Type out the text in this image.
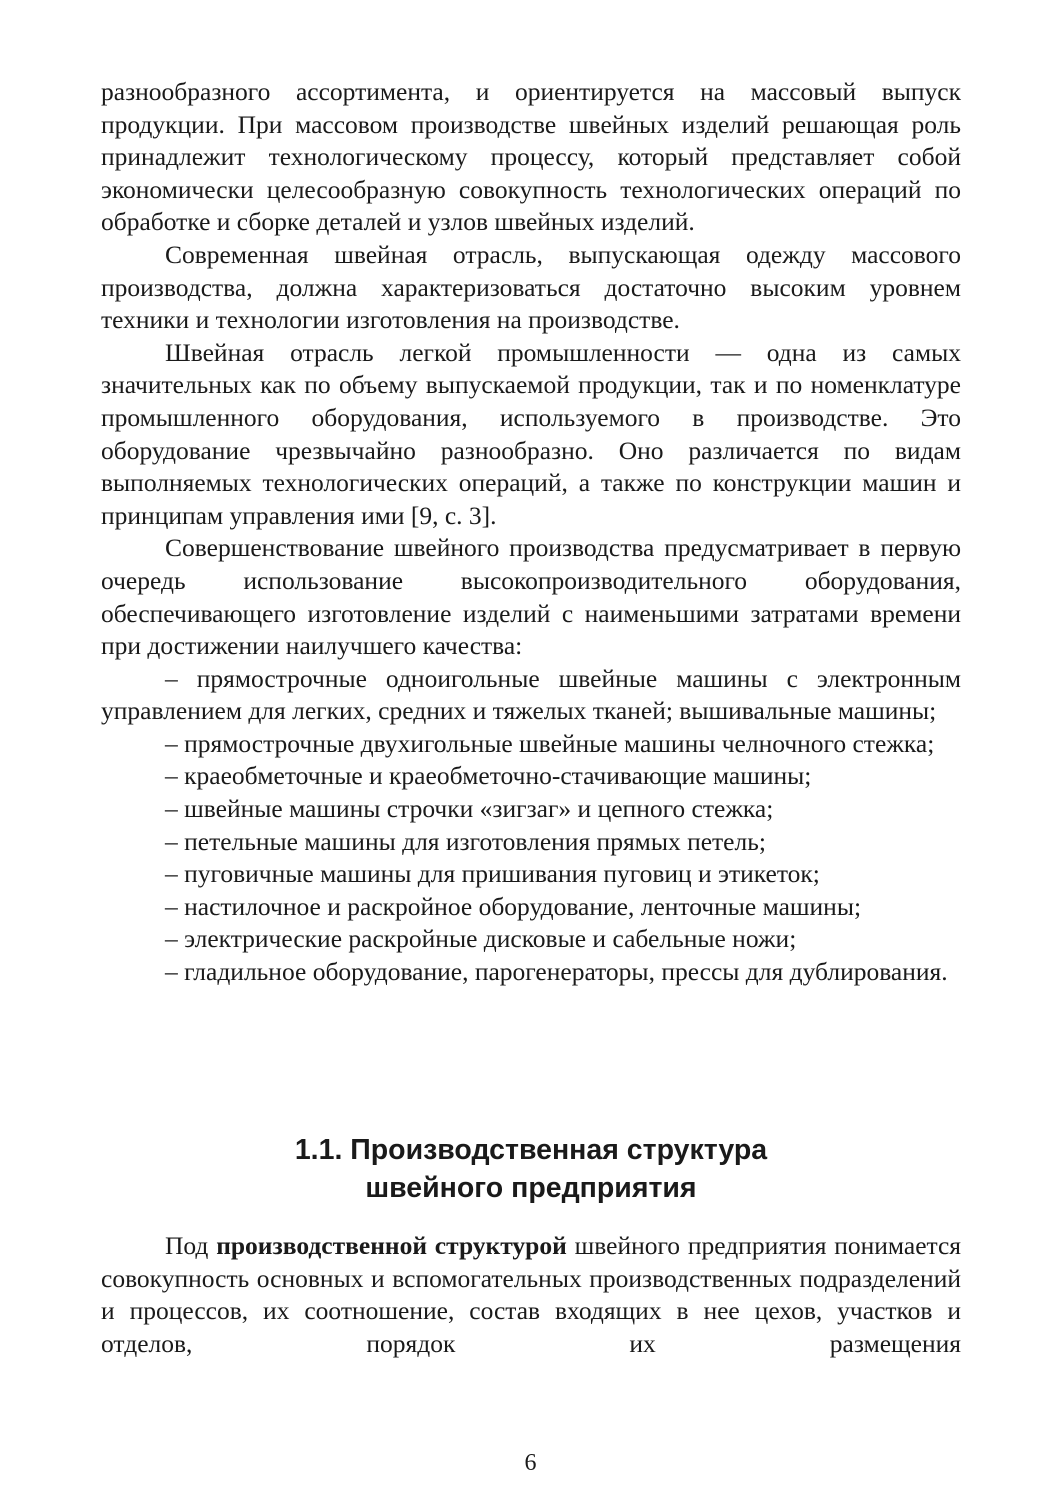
разнообразного ассортимента, и ориентируется на массовый выпуск продукции. При массовом производстве швейных изделий решающая роль принадлежит технологическому процессу, который представляет собой экономически целесообразную совокупность технологических операций по обработке и сборке деталей и узлов швейных изделий.

Современная швейная отрасль, выпускающая одежду массового производства, должна характеризоваться достаточно высоким уровнем техники и технологии изготовления на производстве.

Швейная отрасль легкой промышленности — одна из самых значительных как по объему выпускаемой продукции, так и по номенклатуре промышленного оборудования, используемого в производстве. Это оборудование чрезвычайно разнообразно. Оно различается по видам выполняемых технологических операций, а также по конструкции машин и принципам управления ими [9, с. 3].

Совершенствование швейного производства предусматривает в первую очередь использование высокопроизводительного оборудования, обеспечивающего изготовление изделий с наименьшими затратами времени при достижении наилучшего качества:

– прямострочные одноигольные швейные машины с электронным управлением для легких, средних и тяжелых тканей; вышивальные машины;

– прямострочные двухигольные швейные машины челночного стежка;

– краеобметочные и краеобметочно-стачивающие машины;

– швейные машины строчки «зигзаг» и цепного стежка;

– петельные машины для изготовления прямых петель;

– пуговичные машины для пришивания пуговиц и этикеток;

– настилочное и раскройное оборудование, ленточные машины;

– электрические раскройные дисковые и сабельные ножи;

– гладильное оборудование, парогенераторы, прессы для дублирования.

1.1. Производственная структура
швейного предприятия

Под производственной структурой швейного предприятия понимается совокупность основных и вспомогательных производственных подразделений и процессов, их соотношение, состав входящих в нее цехов, участков и отделов, порядок их размещения

6
